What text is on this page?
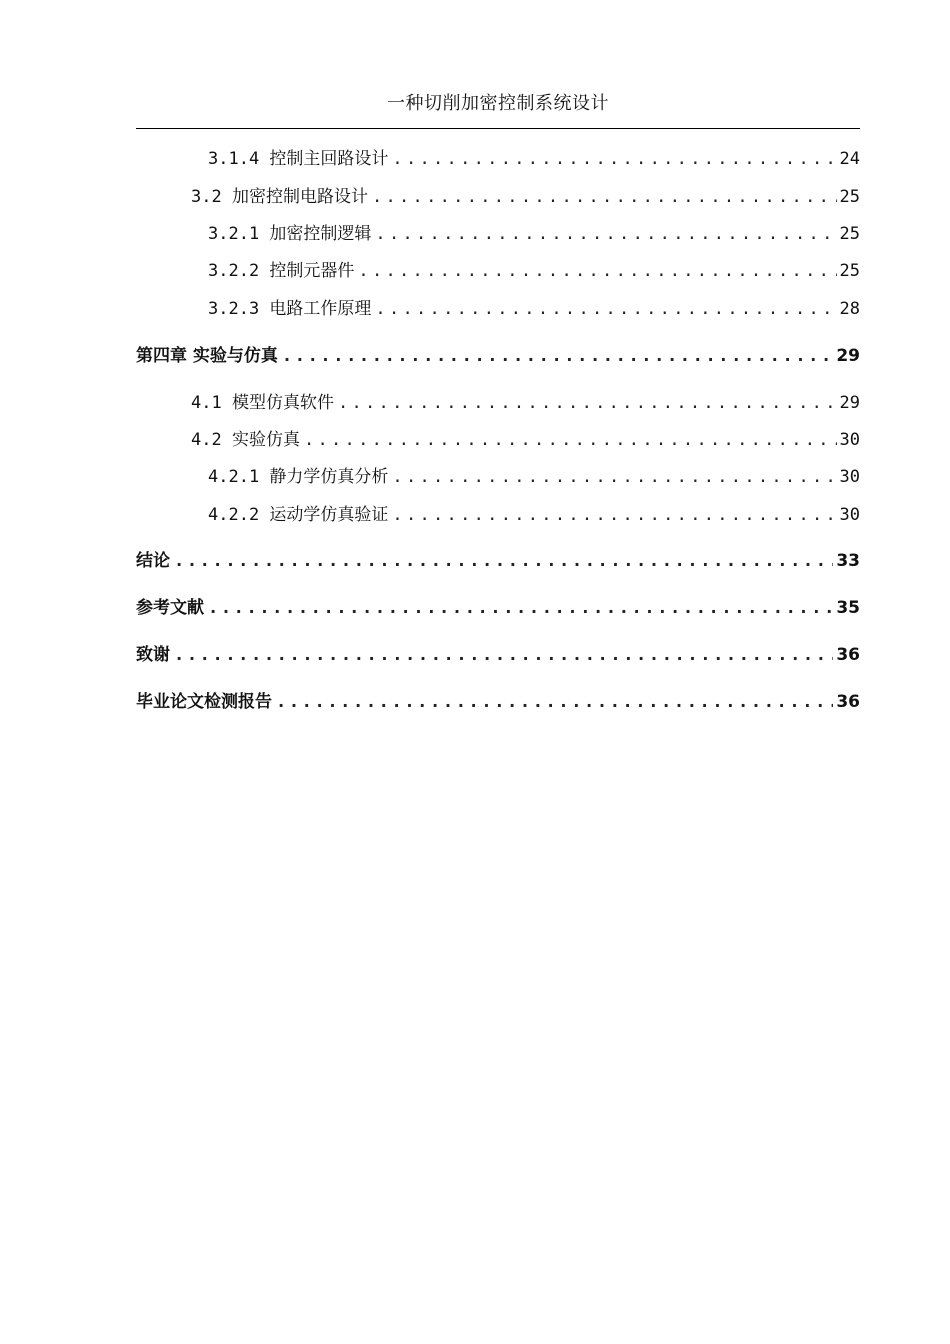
一种切削加密控制系统设计
3.1.4 控制主回路设计 .....	24
3.2 加密控制电路设计 .....	25
3.2.1 加密控制逻辑 .....	25
3.2.2 控制元器件 .....	25
3.2.3 电路工作原理 .....	28
第四章 实验与仿真 .....	29
4.1 模型仿真软件 .....	29
4.2 实验仿真 .....	30
4.2.1 静力学仿真分析 .....	30
4.2.2 运动学仿真验证 .....	30
结论 .....	33
参考文献 .....	35
致谢 .....	36
毕业论文检测报告 .....	36
